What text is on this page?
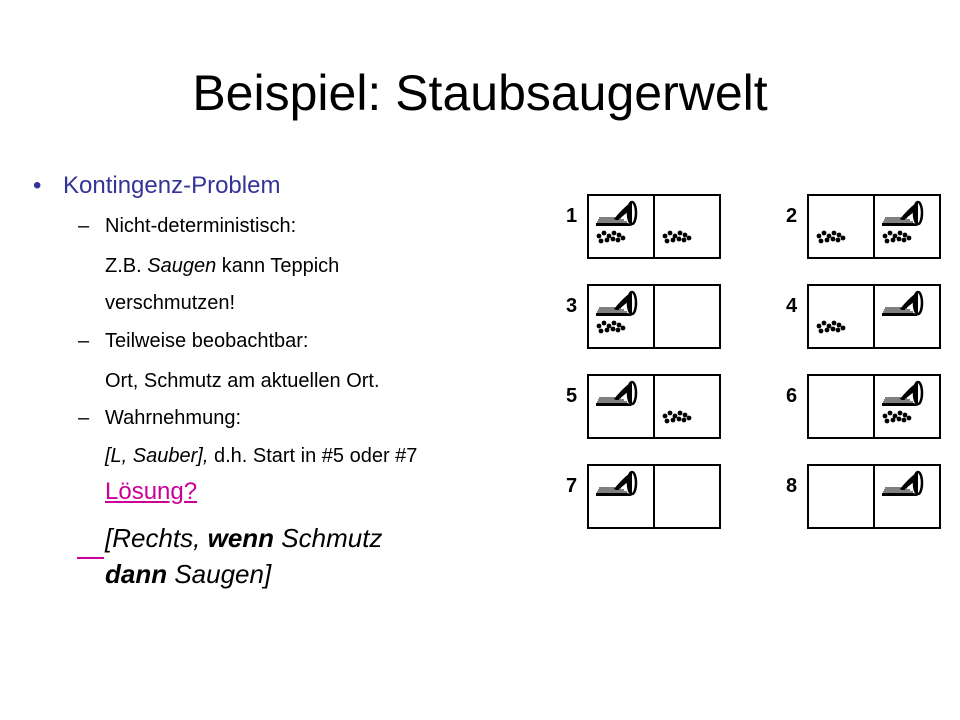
Beispiel: Staubsaugerwelt
• Kontingenz-Problem
– Nicht-deterministisch:
Z.B. Saugen kann Teppich
verschmutzen!
– Teilweise beobachtbar:
Ort, Schmutz am aktuellen Ort.
– Wahrnehmung:
[L, Sauber], d.h. Start in #5 oder #7
Lösung?
[Rechts, wenn Schmutz
dann Saugen]
1	2
3	4
5	6
7	8
